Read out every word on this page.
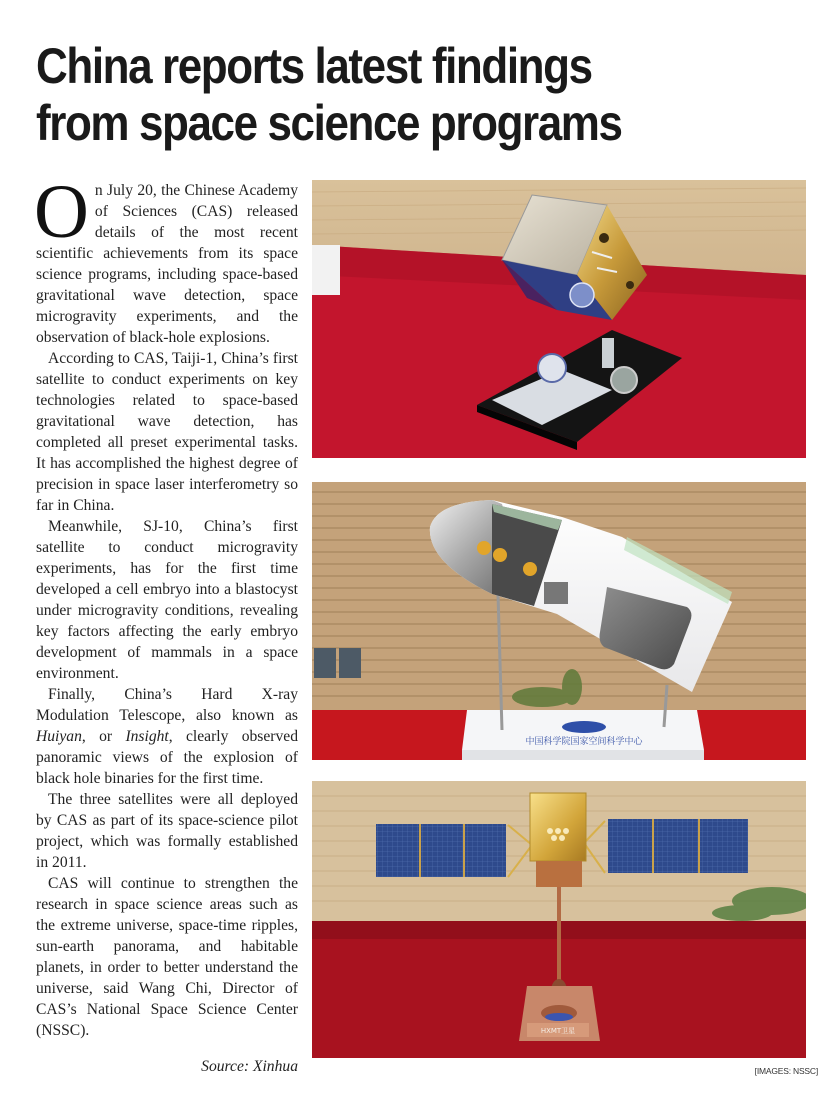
China reports latest findings
from space science programs

On July 20, the Chinese Academy of Sciences (CAS) released details of the most recent scientific achievements from its space science programs, including space-based gravitational wave detection, space microgravity experiments, and the observation of black-hole explosions.

According to CAS, Taiji-1, China’s first satellite to conduct experiments on key technologies related to space-based gravitational wave detection, has completed all preset experimental tasks. It has accomplished the highest degree of precision in space laser interferometry so far in China.

Meanwhile, SJ-10, China’s first satellite to conduct microgravity experiments, has for the first time developed a cell embryo into a blastocyst under microgravity conditions, revealing key factors affecting the early embryo development of mammals in a space environment.

Finally, China’s Hard X-ray Modulation Telescope, also known as Huiyan, or Insight, clearly observed panoramic views of the explosion of black hole binaries for the first time.

The three satellites were all deployed by CAS as part of its space-science pilot project, which was formally established in 2011.

CAS will continue to strengthen the research in space science areas such as the extreme universe, space-time ripples, sun-earth panorama, and habitable planets, in order to better understand the universe, said Wang Chi, Director of CAS’s National Space Science Center (NSSC).

Source: Xinhua
中国科学院国家空间科学中心
HXMT卫星
[IMAGES: NSSC]
